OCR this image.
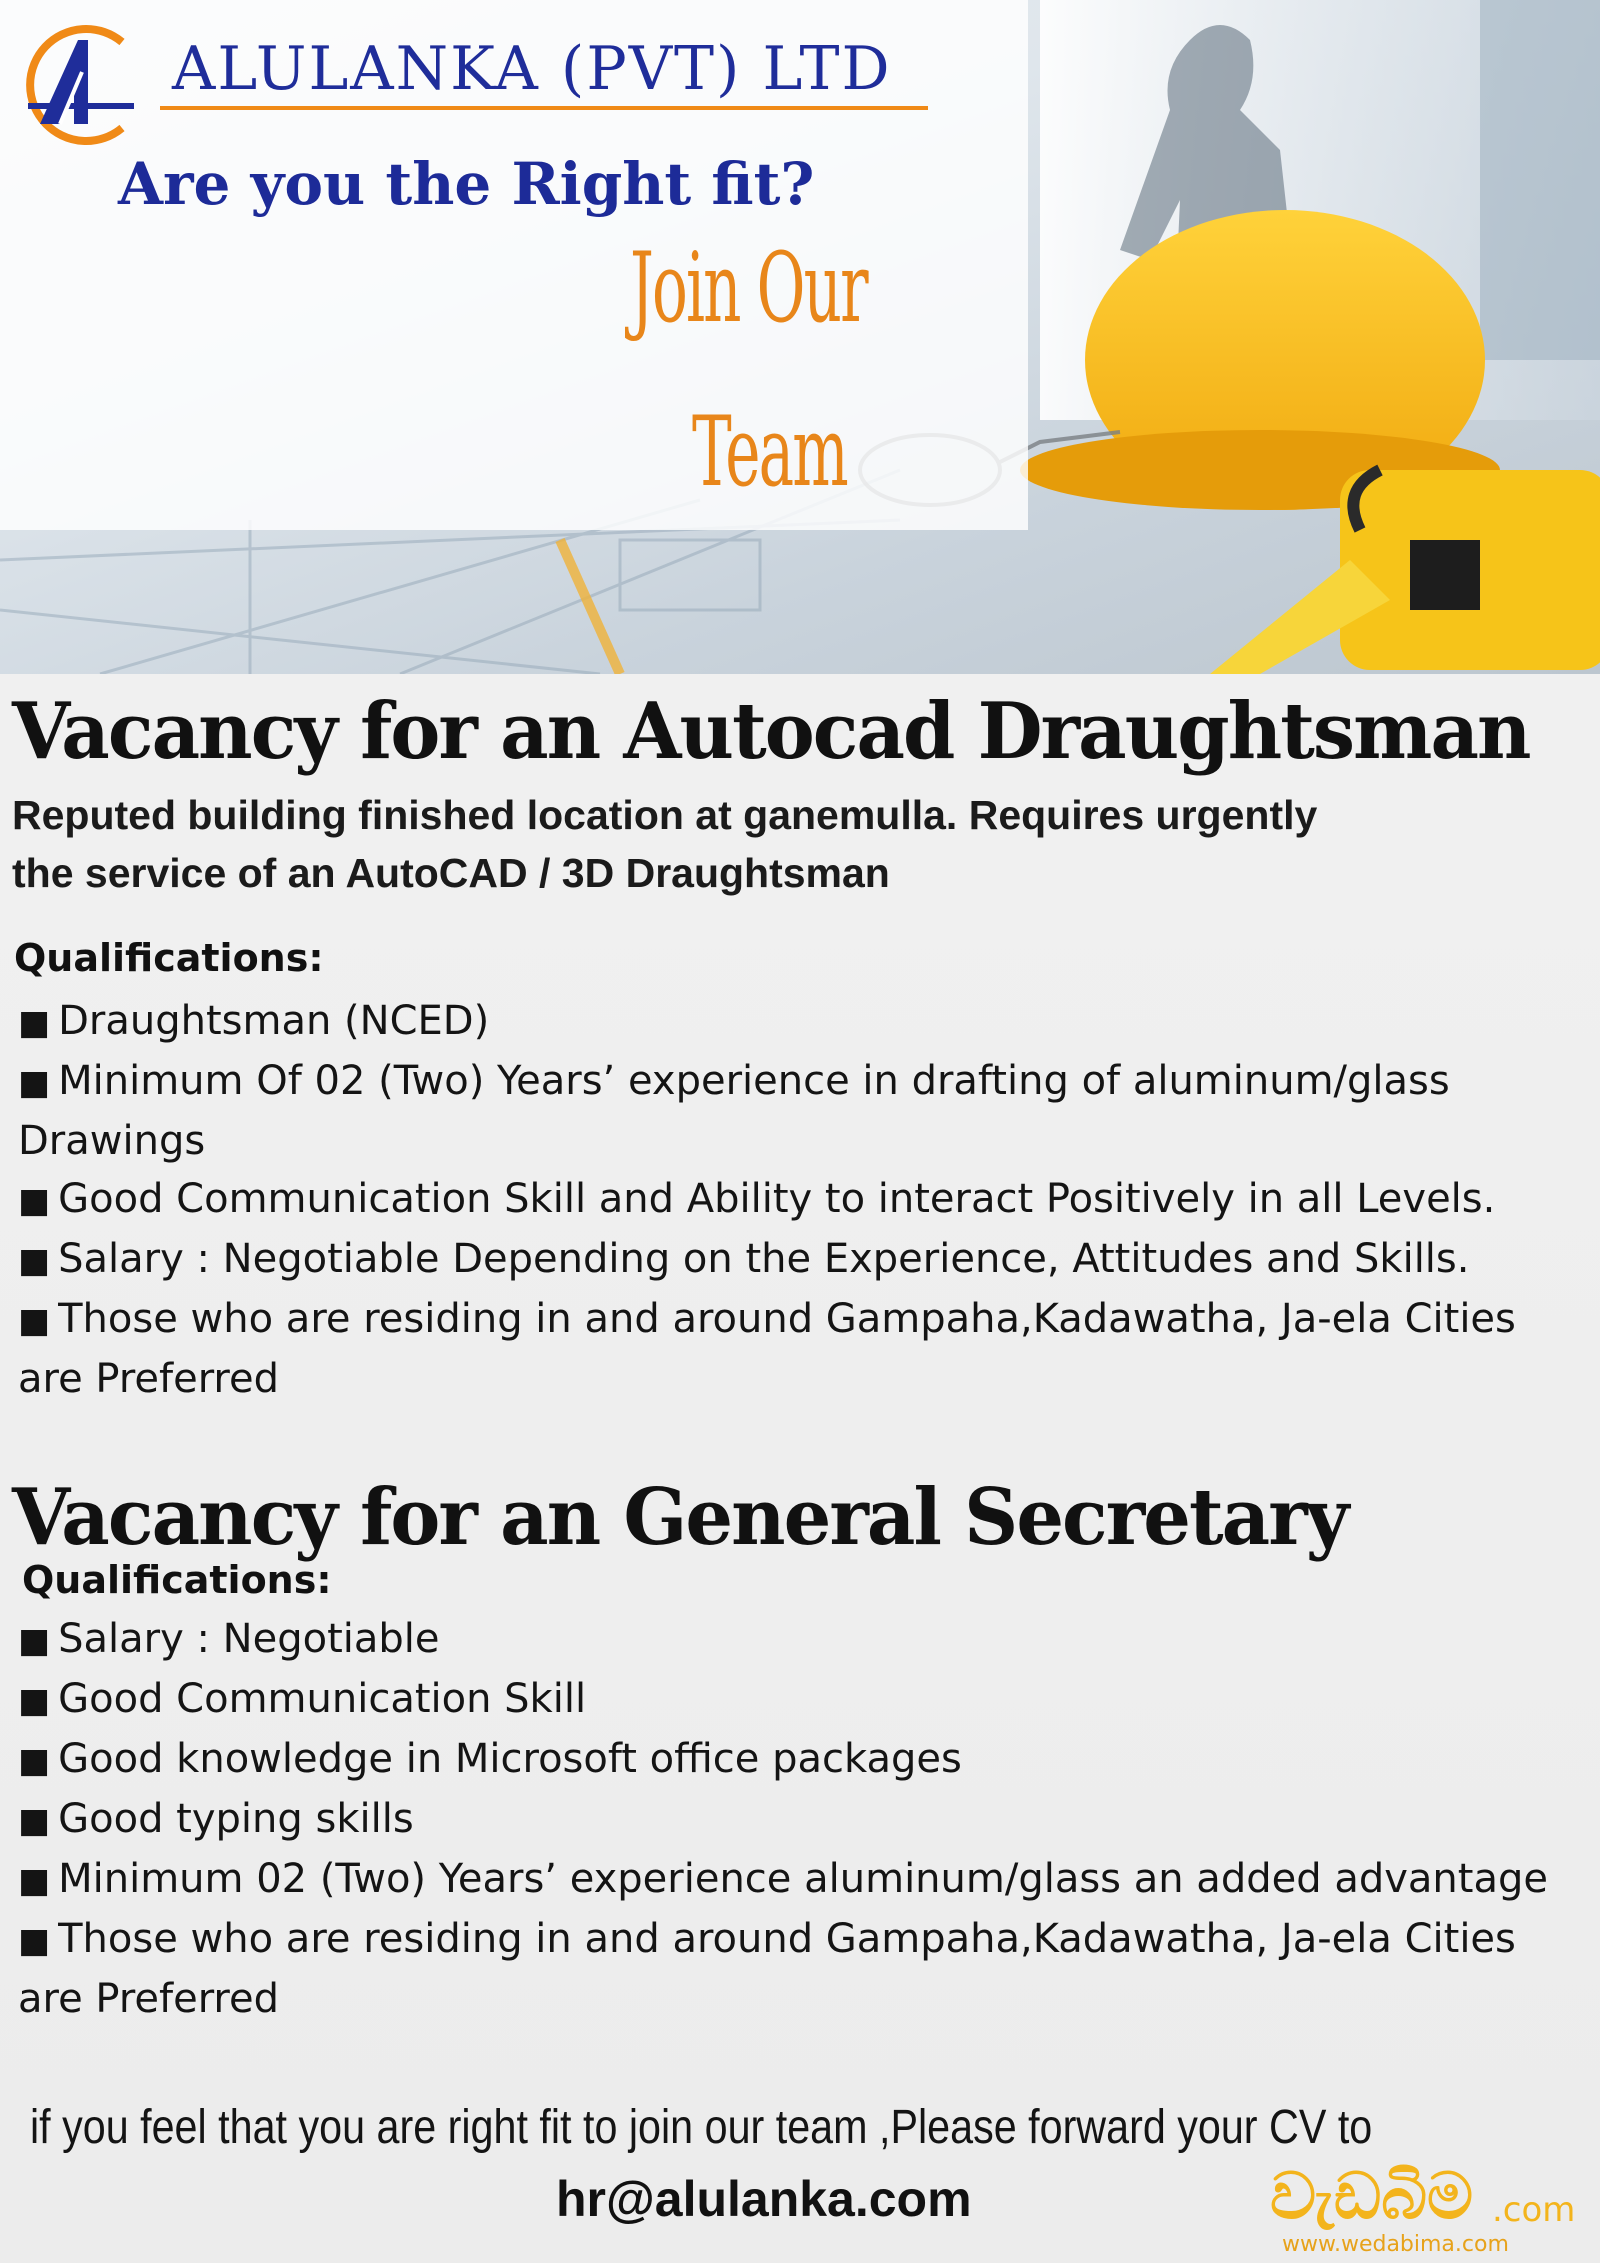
ALULANKA (PVT) LTD
Are you the Right fit?
Join Our
Team
Vacancy for an Autocad Draughtsman
Reputed building finished location at ganemulla. Requires urgently
the service of an AutoCAD / 3D Draughtsman
Qualifications:
■ Draughtsman (NCED)
■ Minimum Of 02 (Two) Years’ experience in drafting of aluminum/glass Drawings
■ Good Communication Skill and Ability to interact Positively in all Levels.
■ Salary : Negotiable Depending on the Experience, Attitudes and Skills.
■ Those who are residing in and around Gampaha,Kadawatha, Ja-ela Cities are Preferred
Vacancy for an General Secretary
Qualifications:
■ Salary : Negotiable
■ Good Communication Skill
■ Good knowledge in Microsoft office packages
■ Good typing skills
■ Minimum 02 (Two) Years’ experience aluminum/glass an added advantage
■ Those who are residing in and around Gampaha,Kadawatha, Ja-ela Cities are Preferred
if you feel that you are right fit to join our team ,Please forward your CV to
hr@alulanka.com	වැඩබිම .com
www.wedabima.com
